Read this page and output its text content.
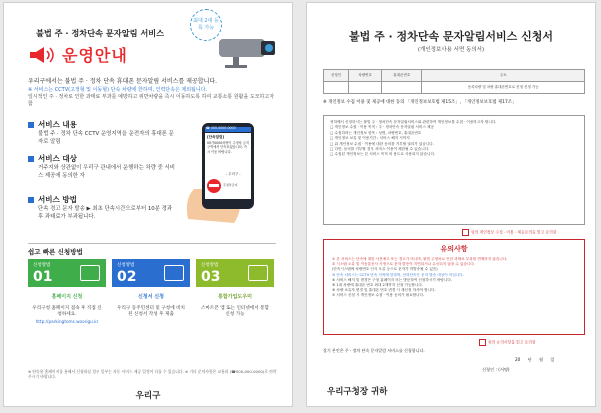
불법 주 · 정차단속 문자알림 서비스
운영안내
최대 2대 등록 가능
우리구에서는 불법 주 · 정차 단속 휴대폰 문자알림 서비스를 제공합니다.
※ 서비스는 CCTV(고정형 및 이동형) 단속 차량에 한하며, 인력단속은 제외됩니다.
일시적인 주 · 정차로 인한 과태료 부과를 예방하고 위반차량을 즉시 이동하도록 하여 교통소통 원활을 도모하고자 함
서비스 내용
불법 주 · 정차 단속 CCTV 운영지역을 운전자의 휴대폰 문자로 알림
서비스 대상
거주지와 상관없이 우리구 관내에서 운행하는 차량 중 서비스 제공에 동의한 자
서비스 방법
단속 경고 문자 발송 ▶ 최초 단속시간으로부터 10분 경과 후 과태료가 부과됩니다.
☎ 000-0000-0000
[단속알림]
00가0000차량이 주정차 금지구역에서 단속되었습니다. 즉시 이동 바랍니다.
- 우리구 -
주정차금지
쉽고 빠른 신청방법
신청방법
01
홈페이지 신청
우리구청 홈페이지 접속 후 직접 신청하세요.
http://parkingtoms.woorigu.kr
신청방법
02
신청서 신청
우리구 동주민센터 및 구청에 비치된 신청서 작성 후 제출
신청방법
03
통합가입도우미
스마트폰 앱 또는 인터넷에서 통합 신청 가능
※ 단속용 홈페이지를 통해서 신청하실 경우 일부는 자동 서비스 제공 일정이 다를 수 있습니다. ※ 기타 문의사항은 교통과 (☎000-000-0000)로 연락주시기 바랍니다.
우리구
불법 주 · 정차단속 문자알림서비스 신청서
(개인정보사용 서면 동의서)
신청인	차량번호	휴대폰번호	주소
			동록차량 및 차량 휴대폰번호로 신청 신청 가능
※ 개인정보 수집 이용 및 제공에 대한 동의 「개인정보보호법 제15조」, 「개인정보보호법 제17조」
귀하께서 신청하시는 불법 주 · 정차단속 문자알림서비스와 관련하여 개인정보를 수집 · 이용하고자 합니다.
□ 개인정보 수집 · 이용 목적 : 주 · 정차단속 문자알림 서비스 제공
□ 수집하려는 개인정보 항목 : 성명, 차량번호, 휴대폰번호
□ 개인정보 보유 및 이용기간 : 서비스 해지 시까지
□ 위 개인정보 수집 · 이용에 대한 동의를 거부할 권리가 있습니다.
□ 다만, 동의를 거부할 경우 서비스 이용이 제한될 수 있습니다.
□ 수집된 개인정보는 본 서비스 목적 외 용도로 사용되지 않습니다.
위의 개인정보 수집 · 이용 · 제공동의를 읽고 동의함
유의사항
① 본 서비스는 단속에 대한 사전예고 또는 경고가 아니며, 불법 주정차로 인한 과태료 부과를 면제하지 않습니다.
② 시스템 오류 및 이동통신사 사정으로 문자 발송이 지연되거나 수신되지 않을 수 있습니다.
(단속시스템에 차량번호 인식 오류 등으로 문자가 미발송될 수 있음)
③ 단속 서비스는 CCTV 단속 지역에 한하며, 인력단속은 문자 발송 대상이 아닙니다.
④ 서비스 해지 및 변경은 구청 홈페이지 또는 방문하여 신청하시기 바랍니다.
⑤ 1대 차량에 휴대폰 번호 최대 2개까지 신청 가능합니다.
⑥ 차량 소유자 변경 및 휴대폰 번호 변경 시 재신청 하셔야 합니다.
⑦ 서비스 신청 시 개인정보 수집 · 이용 동의가 필요합니다.
위의 유의사항을 읽고 동의함
상기 본인은 주 · 정차 단속 문자알림 서비스를 신청합니다.
20 년 월 일
신청인 : (서명)
우리구청장 귀하
